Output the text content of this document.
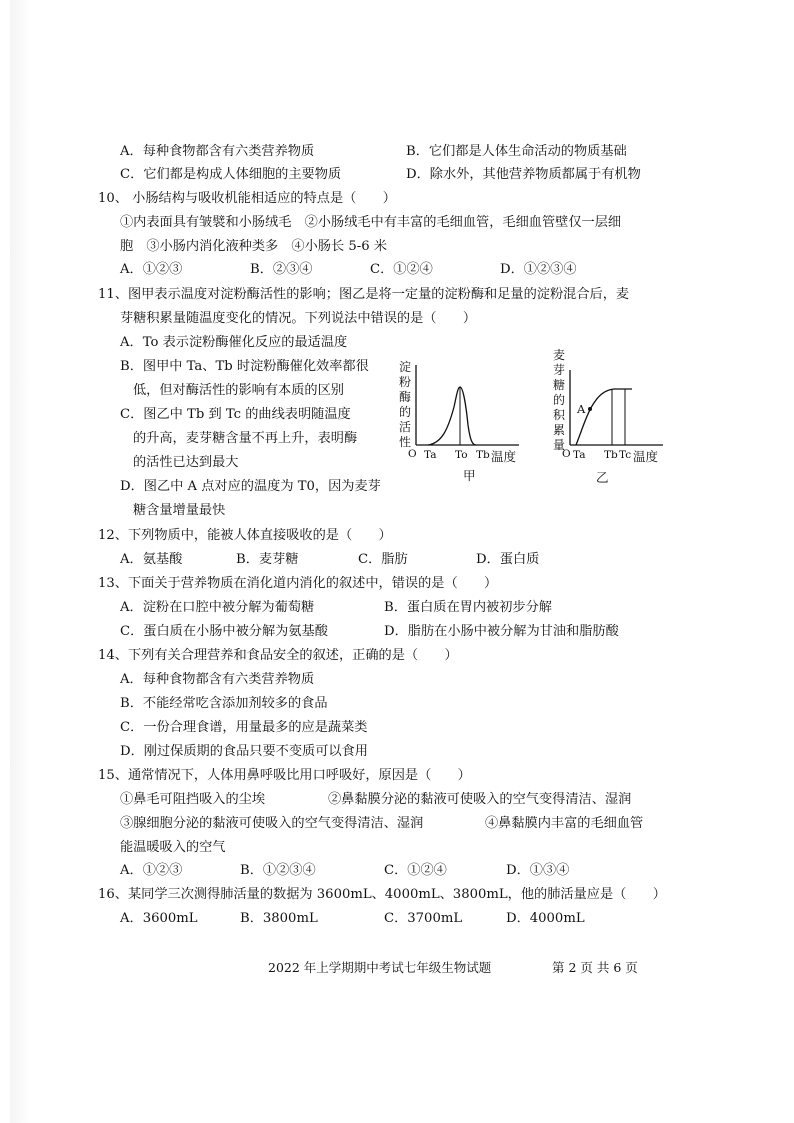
A．每种食物都含有六类营养物质	B．它们都是人体生命活动的物质基础
C．它们都是构成人体细胞的主要物质	D．除水外，其他营养物质都属于有机物
10、 小肠结构与吸收机能相适应的特点是（　　）
①内表面具有皱襞和小肠绒毛　②小肠绒毛中有丰富的毛细血管，毛细血管壁仅一层细
胞　③小肠内消化液种类多　④小肠长 5-6 米
A．①②③	B．②③④	C．①②④	D．①②③④
11、图甲表示温度对淀粉酶活性的影响；图乙是将一定量的淀粉酶和足量的淀粉混合后，麦
芽糖积累量随温度变化的情况。下列说法中错误的是（　　）
A．To 表示淀粉酶催化反应的最适温度
B．图甲中 Ta、Tb 时淀粉酶催化效率都很
低，但对酶活性的影响有本质的区别
C．图乙中 Tb 到 Tc 的曲线表明随温度
的升高，麦芽糖含量不再上升，表明酶
的活性已达到最大
D．图乙中 A 点对应的温度为 T0，因为麦芽
糖含量增量最快
淀
粉
酶
的
活
性
O Ta To Tb 温度
甲
麦
芽
糖
的
积
累
量
A
O Ta Tb Tc 温度
乙
12、下列物质中，能被人体直接吸收的是（　　）
A．氨基酸	B．麦芽糖	C．脂肪	D．蛋白质
13、下面关于营养物质在消化道内消化的叙述中，错误的是（　　）
A．淀粉在口腔中被分解为葡萄糖	B．蛋白质在胃内被初步分解
C．蛋白质在小肠中被分解为氨基酸	D．脂肪在小肠中被分解为甘油和脂肪酸
14、下列有关合理营养和食品安全的叙述，正确的是（　　）
A．每种食物都含有六类营养物质
B．不能经常吃含添加剂较多的食品
C．一份合理食谱，用量最多的应是蔬菜类
D．刚过保质期的食品只要不变质可以食用
15、通常情况下，人体用鼻呼吸比用口呼吸好，原因是（　　）
①鼻毛可阻挡吸入的尘埃	②鼻黏膜分泌的黏液可使吸入的空气变得清洁、湿润
③腺细胞分泌的黏液可使吸入的空气变得清洁、湿润	④鼻黏膜内丰富的毛细血管
能温暖吸入的空气
A．①②③	B．①②③④	C．①②④	D．①③④
16、某同学三次测得肺活量的数据为 3600mL、4000mL、3800mL，他的肺活量应是（　　）
A．3600mL	B．3800mL	C．3700mL	D．4000mL
2022 年上学期期中考试七年级生物试题	第 2 页 共 6 页
